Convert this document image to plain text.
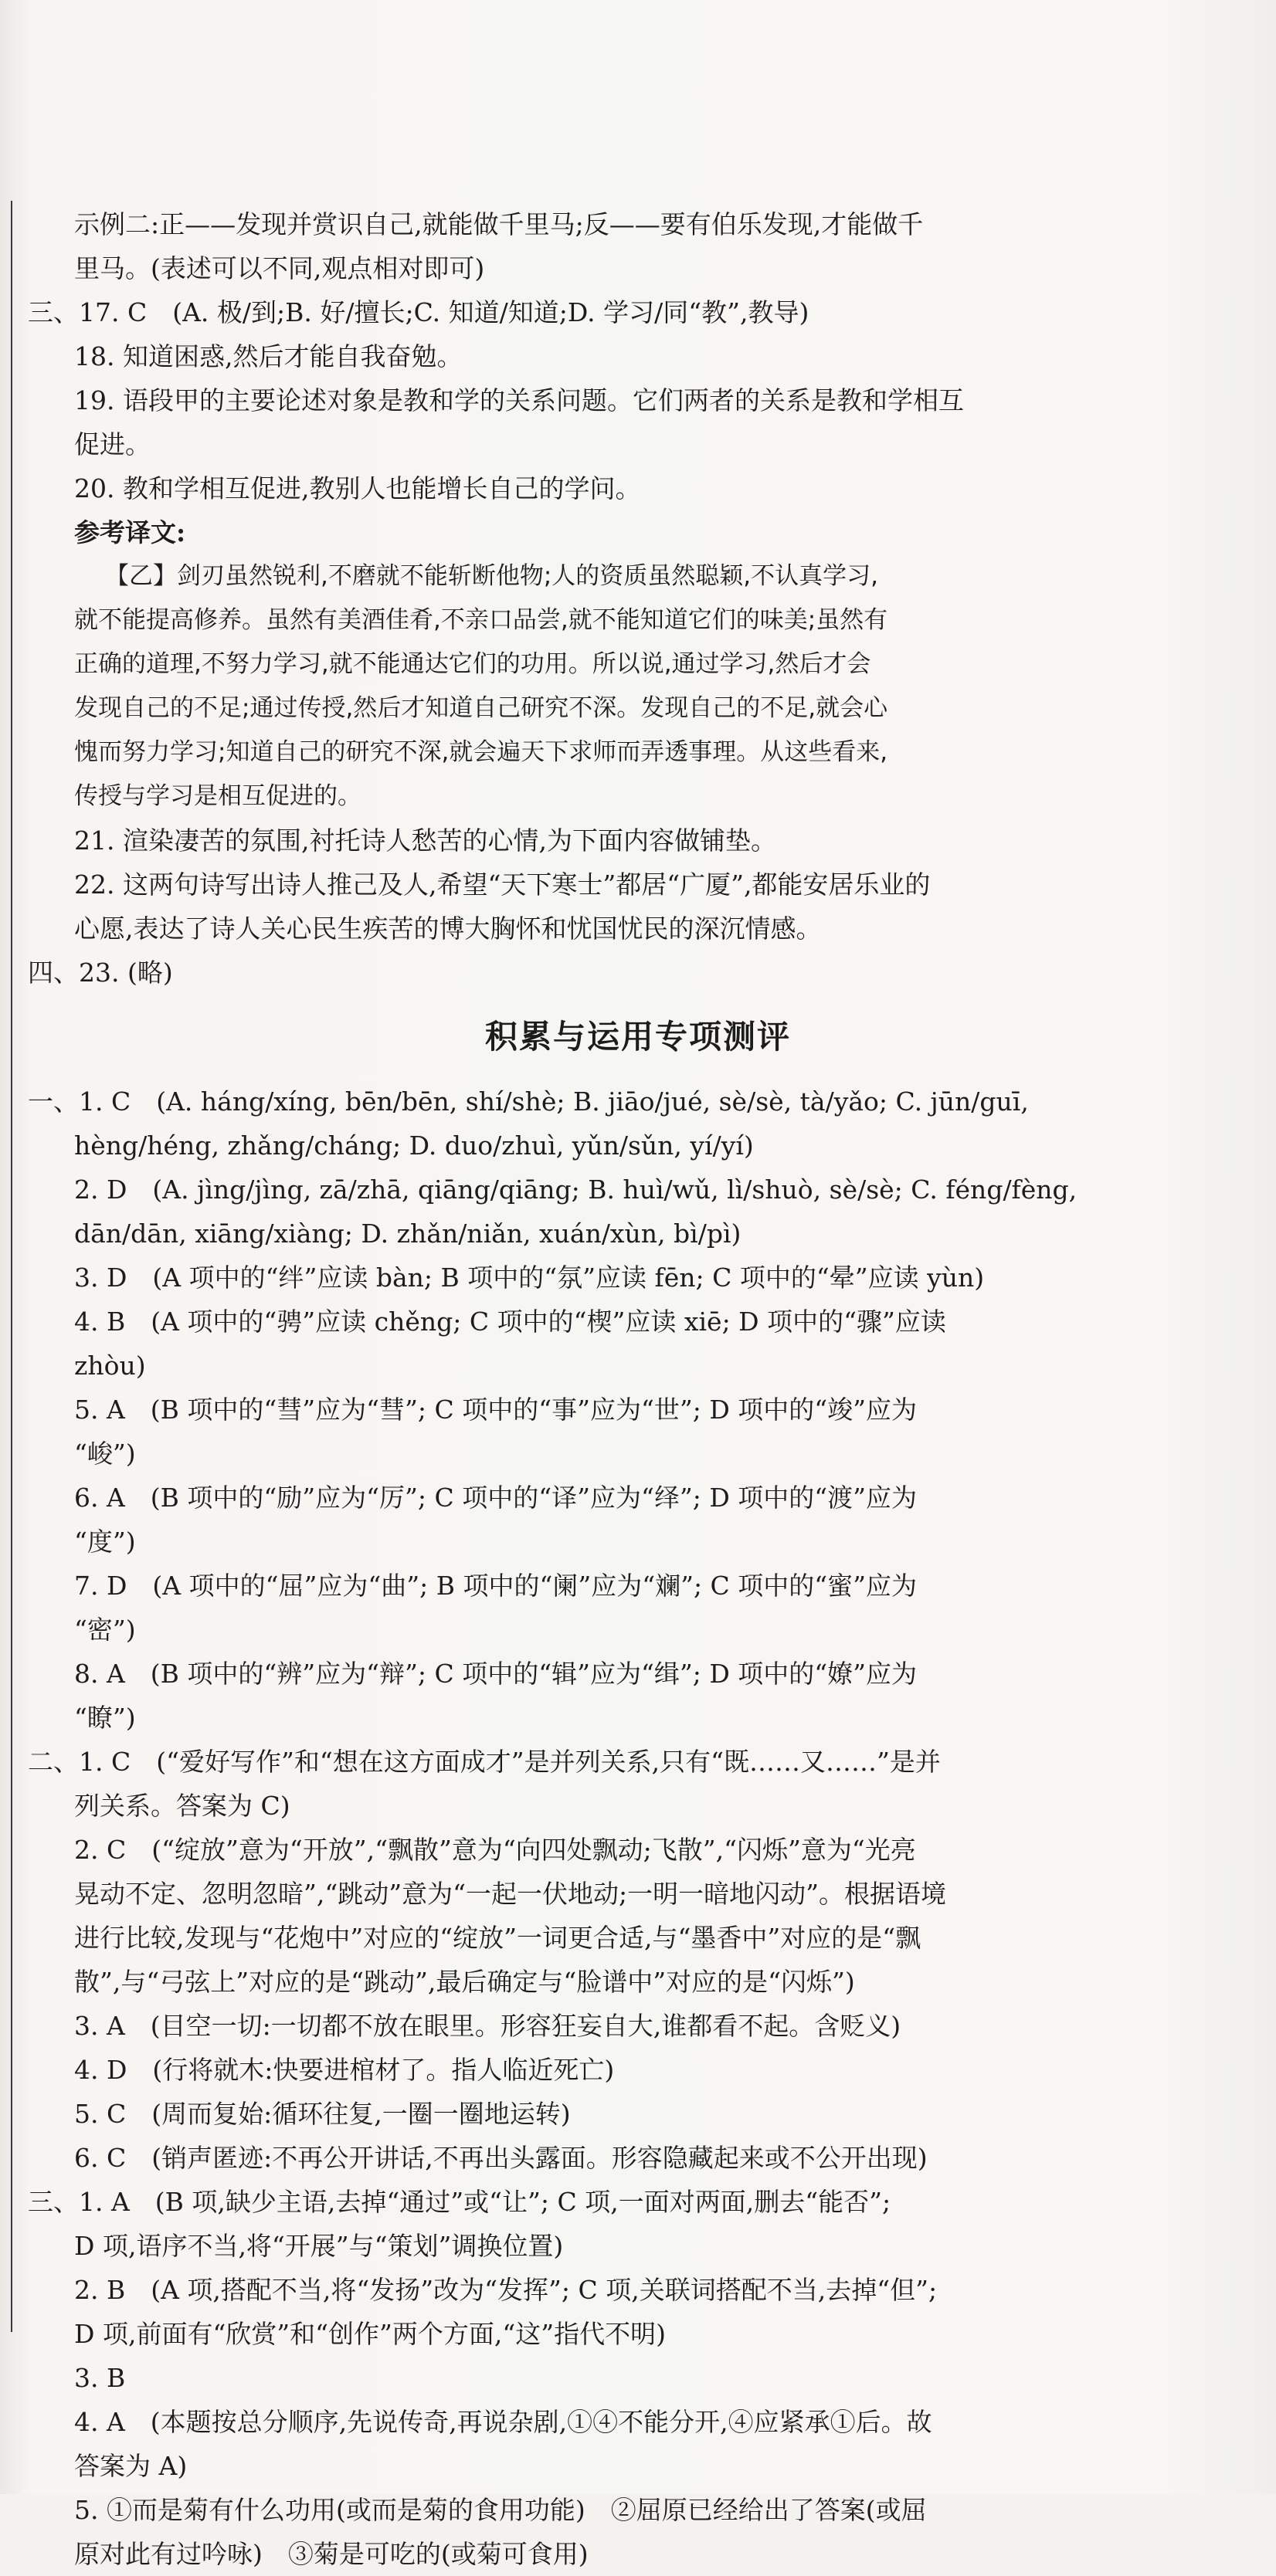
示例二:正——发现并赏识自己,就能做千里马;反——要有伯乐发现,才能做千
里马。(表述可以不同,观点相对即可)
三、17. C　(A. 极/到;B. 好/擅长;C. 知道/知道;D. 学习/同“教”,教导)
18. 知道困惑,然后才能自我奋勉。
19. 语段甲的主要论述对象是教和学的关系问题。它们两者的关系是教和学相互
促进。
20. 教和学相互促进,教别人也能增长自己的学问。
参考译文:
【乙】剑刃虽然锐利,不磨就不能斩断他物;人的资质虽然聪颖,不认真学习,
就不能提高修养。虽然有美酒佳肴,不亲口品尝,就不能知道它们的味美;虽然有
正确的道理,不努力学习,就不能通达它们的功用。所以说,通过学习,然后才会
发现自己的不足;通过传授,然后才知道自己研究不深。发现自己的不足,就会心
愧而努力学习;知道自己的研究不深,就会遍天下求师而弄透事理。从这些看来,
传授与学习是相互促进的。
21. 渲染凄苦的氛围,衬托诗人愁苦的心情,为下面内容做铺垫。
22. 这两句诗写出诗人推己及人,希望“天下寒士”都居“广厦”,都能安居乐业的
心愿,表达了诗人关心民生疾苦的博大胸怀和忧国忧民的深沉情感。
四、23. (略)
积累与运用专项测评
一、1. C　(A. háng/xíng, bēn/bēn, shí/shè; B. jiāo/jué, sè/sè, tà/yǎo; C. jūn/guī,
hèng/héng, zhǎng/cháng; D. duo/zhuì, yǔn/sǔn, yí/yí)
2. D　(A. jìng/jìng, zā/zhā, qiāng/qiāng; B. huì/wǔ, lì/shuò, sè/sè; C. féng/fèng,
dān/dān, xiāng/xiàng; D. zhǎn/niǎn, xuán/xùn, bì/pì)
3. D　(A 项中的“绊”应读 bàn; B 项中的“氛”应读 fēn; C 项中的“晕”应读 yùn)
4. B　(A 项中的“骋”应读 chěng; C 项中的“楔”应读 xiē; D 项中的“骤”应读
zhòu)
5. A　(B 项中的“彗”应为“彗”; C 项中的“事”应为“世”; D 项中的“竣”应为
“峻”)
6. A　(B 项中的“励”应为“厉”; C 项中的“译”应为“绎”; D 项中的“渡”应为
“度”)
7. D　(A 项中的“屈”应为“曲”; B 项中的“阑”应为“斓”; C 项中的“蜜”应为
“密”)
8. A　(B 项中的“辨”应为“辩”; C 项中的“辑”应为“缉”; D 项中的“嫽”应为
“瞭”)
二、1. C　(“爱好写作”和“想在这方面成才”是并列关系,只有“既……又……”是并
列关系。答案为 C)
2. C　(“绽放”意为“开放”,“飘散”意为“向四处飘动;飞散”,“闪烁”意为“光亮
晃动不定、忽明忽暗”,“跳动”意为“一起一伏地动;一明一暗地闪动”。根据语境
进行比较,发现与“花炮中”对应的“绽放”一词更合适,与“墨香中”对应的是“飘
散”,与“弓弦上”对应的是“跳动”,最后确定与“脸谱中”对应的是“闪烁”)
3. A　(目空一切:一切都不放在眼里。形容狂妄自大,谁都看不起。含贬义)
4. D　(行将就木:快要进棺材了。指人临近死亡)
5. C　(周而复始:循环往复,一圈一圈地运转)
6. C　(销声匿迹:不再公开讲话,不再出头露面。形容隐藏起来或不公开出现)
三、1. A　(B 项,缺少主语,去掉“通过”或“让”; C 项,一面对两面,删去“能否”;
D 项,语序不当,将“开展”与“策划”调换位置)
2. B　(A 项,搭配不当,将“发扬”改为“发挥”; C 项,关联词搭配不当,去掉“但”;
D 项,前面有“欣赏”和“创作”两个方面,“这”指代不明)
3. B
4. A　(本题按总分顺序,先说传奇,再说杂剧,①④不能分开,④应紧承①后。故
答案为 A)
5. ①而是菊有什么功用(或而是菊的食用功能)　②屈原已经给出了答案(或屈
原对此有过吟咏)　③菊是可吃的(或菊可食用)
